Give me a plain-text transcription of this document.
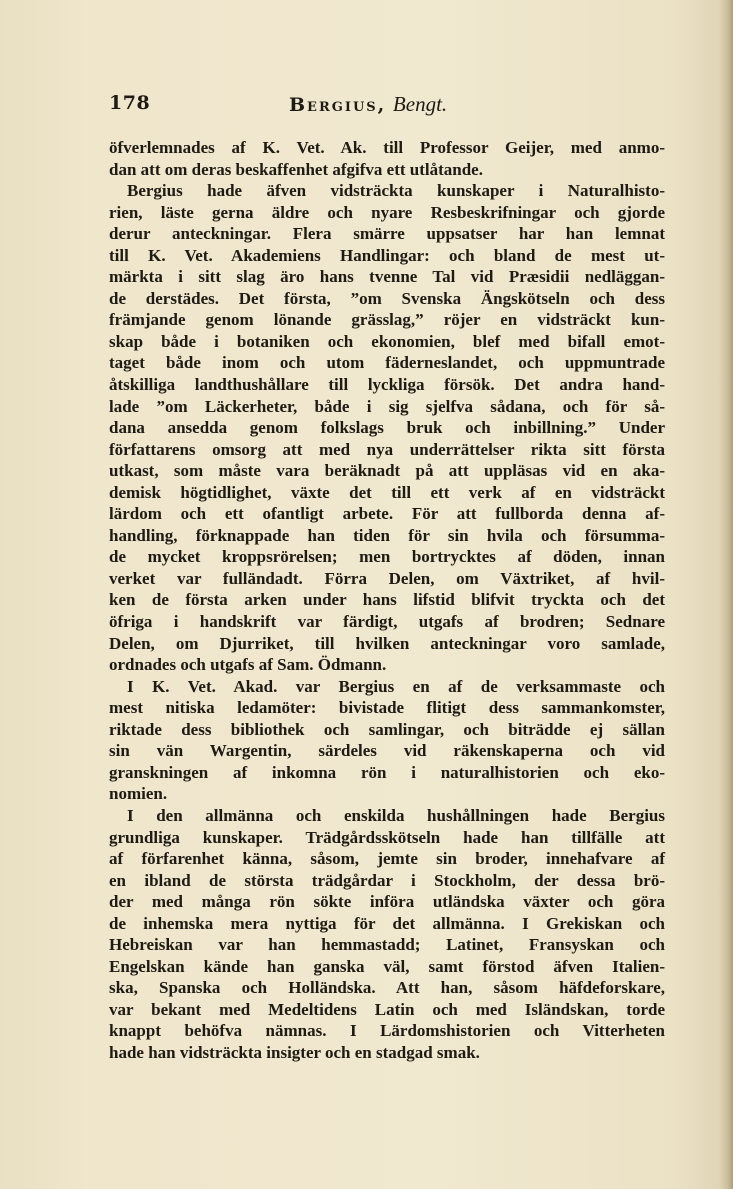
178	Bergius, Bengt.
öfverlemnades af K. Vet. Ak. till Professor Geijer, med anmo-
dan att om deras beskaffenhet afgifva ett utlåtande.
Bergius hade äfven vidsträckta kunskaper i Naturalhisto-
rien, läste gerna äldre och nyare Resbeskrifningar och gjorde
derur anteckningar. Flera smärre uppsatser har han lemnat
till K. Vet. Akademiens Handlingar: och bland de mest ut-
märkta i sitt slag äro hans tvenne Tal vid Præsidii nedläggan-
de derstädes. Det första, ”om Svenska Ängskötseln och dess
främjande genom lönande grässlag,” röjer en vidsträckt kun-
skap både i botaniken och ekonomien, blef med bifall emot-
taget både inom och utom fäderneslandet, och uppmuntrade
åtskilliga landthushållare till lyckliga försök. Det andra hand-
lade ”om Läckerheter, både i sig sjelfva sådana, och för så-
dana ansedda genom folkslags bruk och inbillning.” Under
författarens omsorg att med nya underrättelser rikta sitt första
utkast, som måste vara beräknadt på att uppläsas vid en aka-
demisk högtidlighet, växte det till ett verk af en vidsträckt
lärdom och ett ofantligt arbete. För att fullborda denna af-
handling, förknappade han tiden för sin hvila och försumma-
de mycket kroppsrörelsen; men bortrycktes af döden, innan
verket var fulländadt. Förra Delen, om Växtriket, af hvil-
ken de första arken under hans lifstid blifvit tryckta och det
öfriga i handskrift var färdigt, utgafs af brodren; Sednare
Delen, om Djurriket, till hvilken anteckningar voro samlade,
ordnades och utgafs af Sam. Ödmann.
I K. Vet. Akad. var Bergius en af de verksammaste och
mest nitiska ledamöter: bivistade flitigt dess sammankomster,
riktade dess bibliothek och samlingar, och biträdde ej sällan
sin vän Wargentin, särdeles vid räkenskaperna och vid
granskningen af inkomna rön i naturalhistorien och eko-
nomien.
I den allmänna och enskilda hushållningen hade Bergius
grundliga kunskaper. Trädgårdsskötseln hade han tillfälle att
af förfarenhet känna, såsom, jemte sin broder, innehafvare af
en ibland de största trädgårdar i Stockholm, der dessa brö-
der med många rön sökte införa utländska växter och göra
de inhemska mera nyttiga för det allmänna. I Grekiskan och
Hebreiskan var han hemmastadd; Latinet, Fransyskan och
Engelskan kände han ganska väl, samt förstod äfven Italien-
ska, Spanska och Holländska. Att han, såsom häfdeforskare,
var bekant med Medeltidens Latin och med Isländskan, torde
knappt behöfva nämnas. I Lärdomshistorien och Vitterheten
hade han vidsträckta insigter och en stadgad smak.
